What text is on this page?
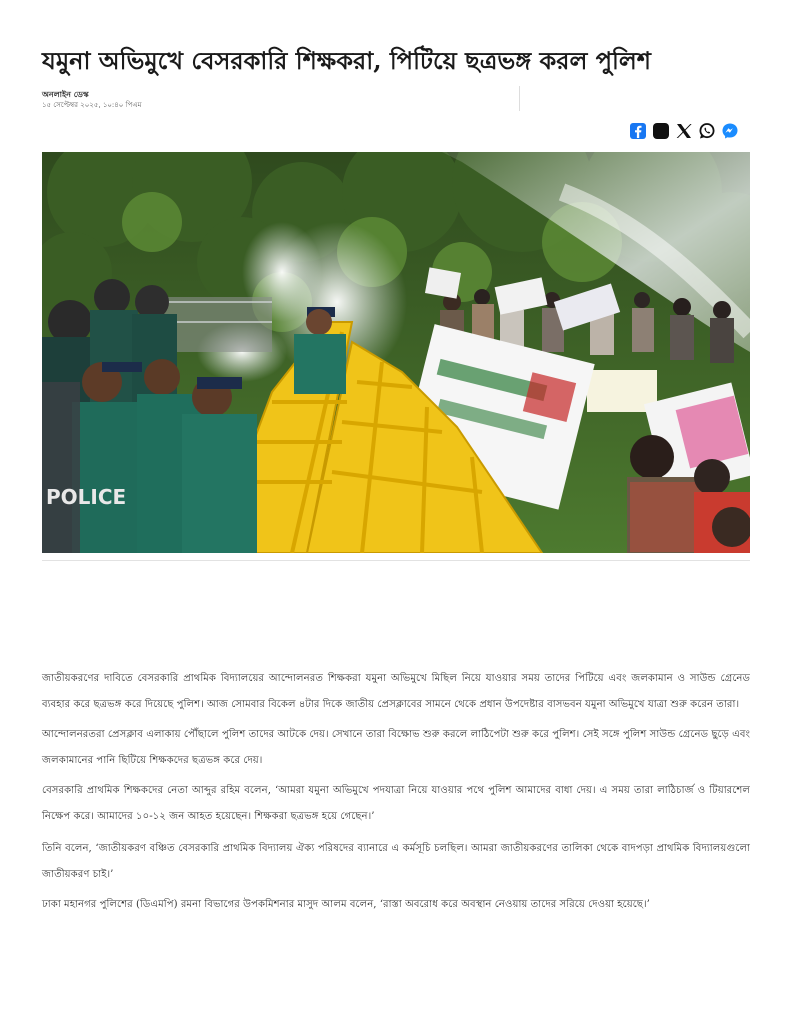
যমুনা অভিমুখে বেসরকারি শিক্ষকরা, পিটিয়ে ছত্রভঙ্গ করল পুলিশ
অনলাইন ডেস্ক
১৫ সেপ্টেম্বর ২০২৫, ১০:৪০ পিএম
POLICE

জাতীয়করণের দাবিতে বেসরকারি প্রাথমিক বিদ্যালয়ের আন্দোলনরত শিক্ষকরা যমুনা অভিমুখে মিছিল নিয়ে যাওয়ার সময় তাদের পিটিয়ে এবং জলকামান ও সাউন্ড গ্রেনেড ব্যবহার করে ছত্রভঙ্গ করে দিয়েছে পুলিশ। আজ সোমবার বিকেল ৪টার দিকে জাতীয় প্রেসক্লাবের সামনে থেকে প্রধান উপদেষ্টার বাসভবন যমুনা অভিমুখে যাত্রা শুরু করেন তারা।

আন্দোলনরতরা প্রেসক্লাব এলাকায় পৌঁছালে পুলিশ তাদের আটকে দেয়। সেখানে তারা বিক্ষোভ শুরু করলে লাঠিপেটা শুরু করে পুলিশ। সেই সঙ্গে পুলিশ সাউন্ড গ্রেনেড ছুড়ে এবং জলকামানের পানি ছিটিয়ে শিক্ষকদের ছত্রভঙ্গ করে দেয়।

বেসরকারি প্রাথমিক শিক্ষকদের নেতা আব্দুর রহিম বলেন, ‘আমরা যমুনা অভিমুখে পদযাত্রা নিয়ে যাওয়ার পথে পুলিশ আমাদের বাধা দেয়। এ সময় তারা লাঠিচার্জ ও টিয়ারশেল নিক্ষেপ করে। আমাদের ১০-১২ জন আহত হয়েছেন। শিক্ষকরা ছত্রভঙ্গ হয়ে গেছেন।’

তিনি বলেন, ‘জাতীয়করণ বঞ্চিত বেসরকারি প্রাথমিক বিদ্যালয় ঐক্য পরিষদের ব্যানারে এ কর্মসূচি চলছিল। আমরা জাতীয়করণের তালিকা থেকে বাদপড়া প্রাথমিক বিদ্যালয়গুলো জাতীয়করণ চাই।’

ঢাকা মহানগর পুলিশের (ডিএমপি) রমনা বিভাগের উপকমিশনার মাসুদ আলম বলেন, ‘রাস্তা অবরোধ করে অবস্থান নেওয়ায় তাদের সরিয়ে দেওয়া হয়েছে।’
